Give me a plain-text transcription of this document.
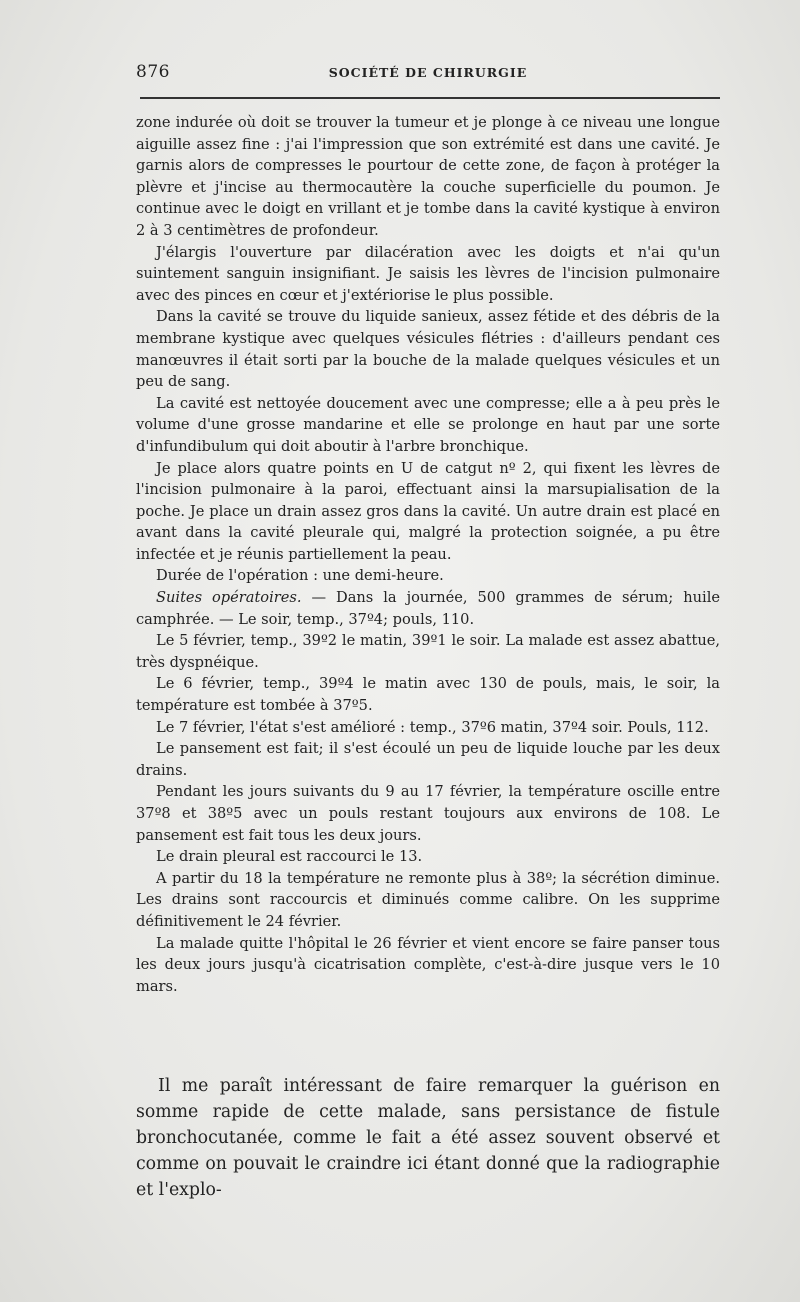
876	SOCIÉTÉ DE CHIRURGIE

zone indurée où doit se trouver la tumeur et je plonge à ce niveau une longue aiguille assez fine : j'ai l'impression que son extrémité est dans une cavité. Je garnis alors de compresses le pourtour de cette zone, de façon à protéger la plèvre et j'incise au thermocautère la couche superficielle du poumon. Je continue avec le doigt en vrillant et je tombe dans la cavité kystique à environ 2 à 3 centimètres de profondeur.

J'élargis l'ouverture par dilacération avec les doigts et n'ai qu'un suintement sanguin insignifiant. Je saisis les lèvres de l'incision pulmonaire avec des pinces en cœur et j'extériorise le plus possible.

Dans la cavité se trouve du liquide sanieux, assez fétide et des débris de la membrane kystique avec quelques vésicules flétries : d'ailleurs pendant ces manœuvres il était sorti par la bouche de la malade quelques vésicules et un peu de sang.

La cavité est nettoyée doucement avec une compresse; elle a à peu près le volume d'une grosse mandarine et elle se prolonge en haut par une sorte d'infundibulum qui doit aboutir à l'arbre bronchique.

Je place alors quatre points en U de catgut nº 2, qui fixent les lèvres de l'incision pulmonaire à la paroi, effectuant ainsi la marsupialisation de la poche. Je place un drain assez gros dans la cavité. Un autre drain est placé en avant dans la cavité pleurale qui, malgré la protection soignée, a pu être infectée et je réunis partiellement la peau.

Durée de l'opération : une demi-heure.

Suites opératoires. — Dans la journée, 500 grammes de sérum; huile camphrée. — Le soir, temp., 37º4; pouls, 110.

Le 5 février, temp., 39º2 le matin, 39º1 le soir. La malade est assez abattue, très dyspnéique.

Le 6 février, temp., 39º4 le matin avec 130 de pouls, mais, le soir, la température est tombée à 37º5.

Le 7 février, l'état s'est amélioré : temp., 37º6 matin, 37º4 soir. Pouls, 112.

Le pansement est fait; il s'est écoulé un peu de liquide louche par les deux drains.

Pendant les jours suivants du 9 au 17 février, la température oscille entre 37º8 et 38º5 avec un pouls restant toujours aux environs de 108. Le pansement est fait tous les deux jours.

Le drain pleural est raccourci le 13.

A partir du 18 la température ne remonte plus à 38º; la sécrétion diminue. Les drains sont raccourcis et diminués comme calibre. On les supprime définitivement le 24 février.

La malade quitte l'hôpital le 26 février et vient encore se faire panser tous les deux jours jusqu'à cicatrisation complète, c'est-à-dire jusque vers le 10 mars.

Il me paraît intéressant de faire remarquer la guérison en somme rapide de cette malade, sans persistance de fistule bronchocutanée, comme le fait a été assez souvent observé et comme on pouvait le craindre ici étant donné que la radiographie et l'explo-
